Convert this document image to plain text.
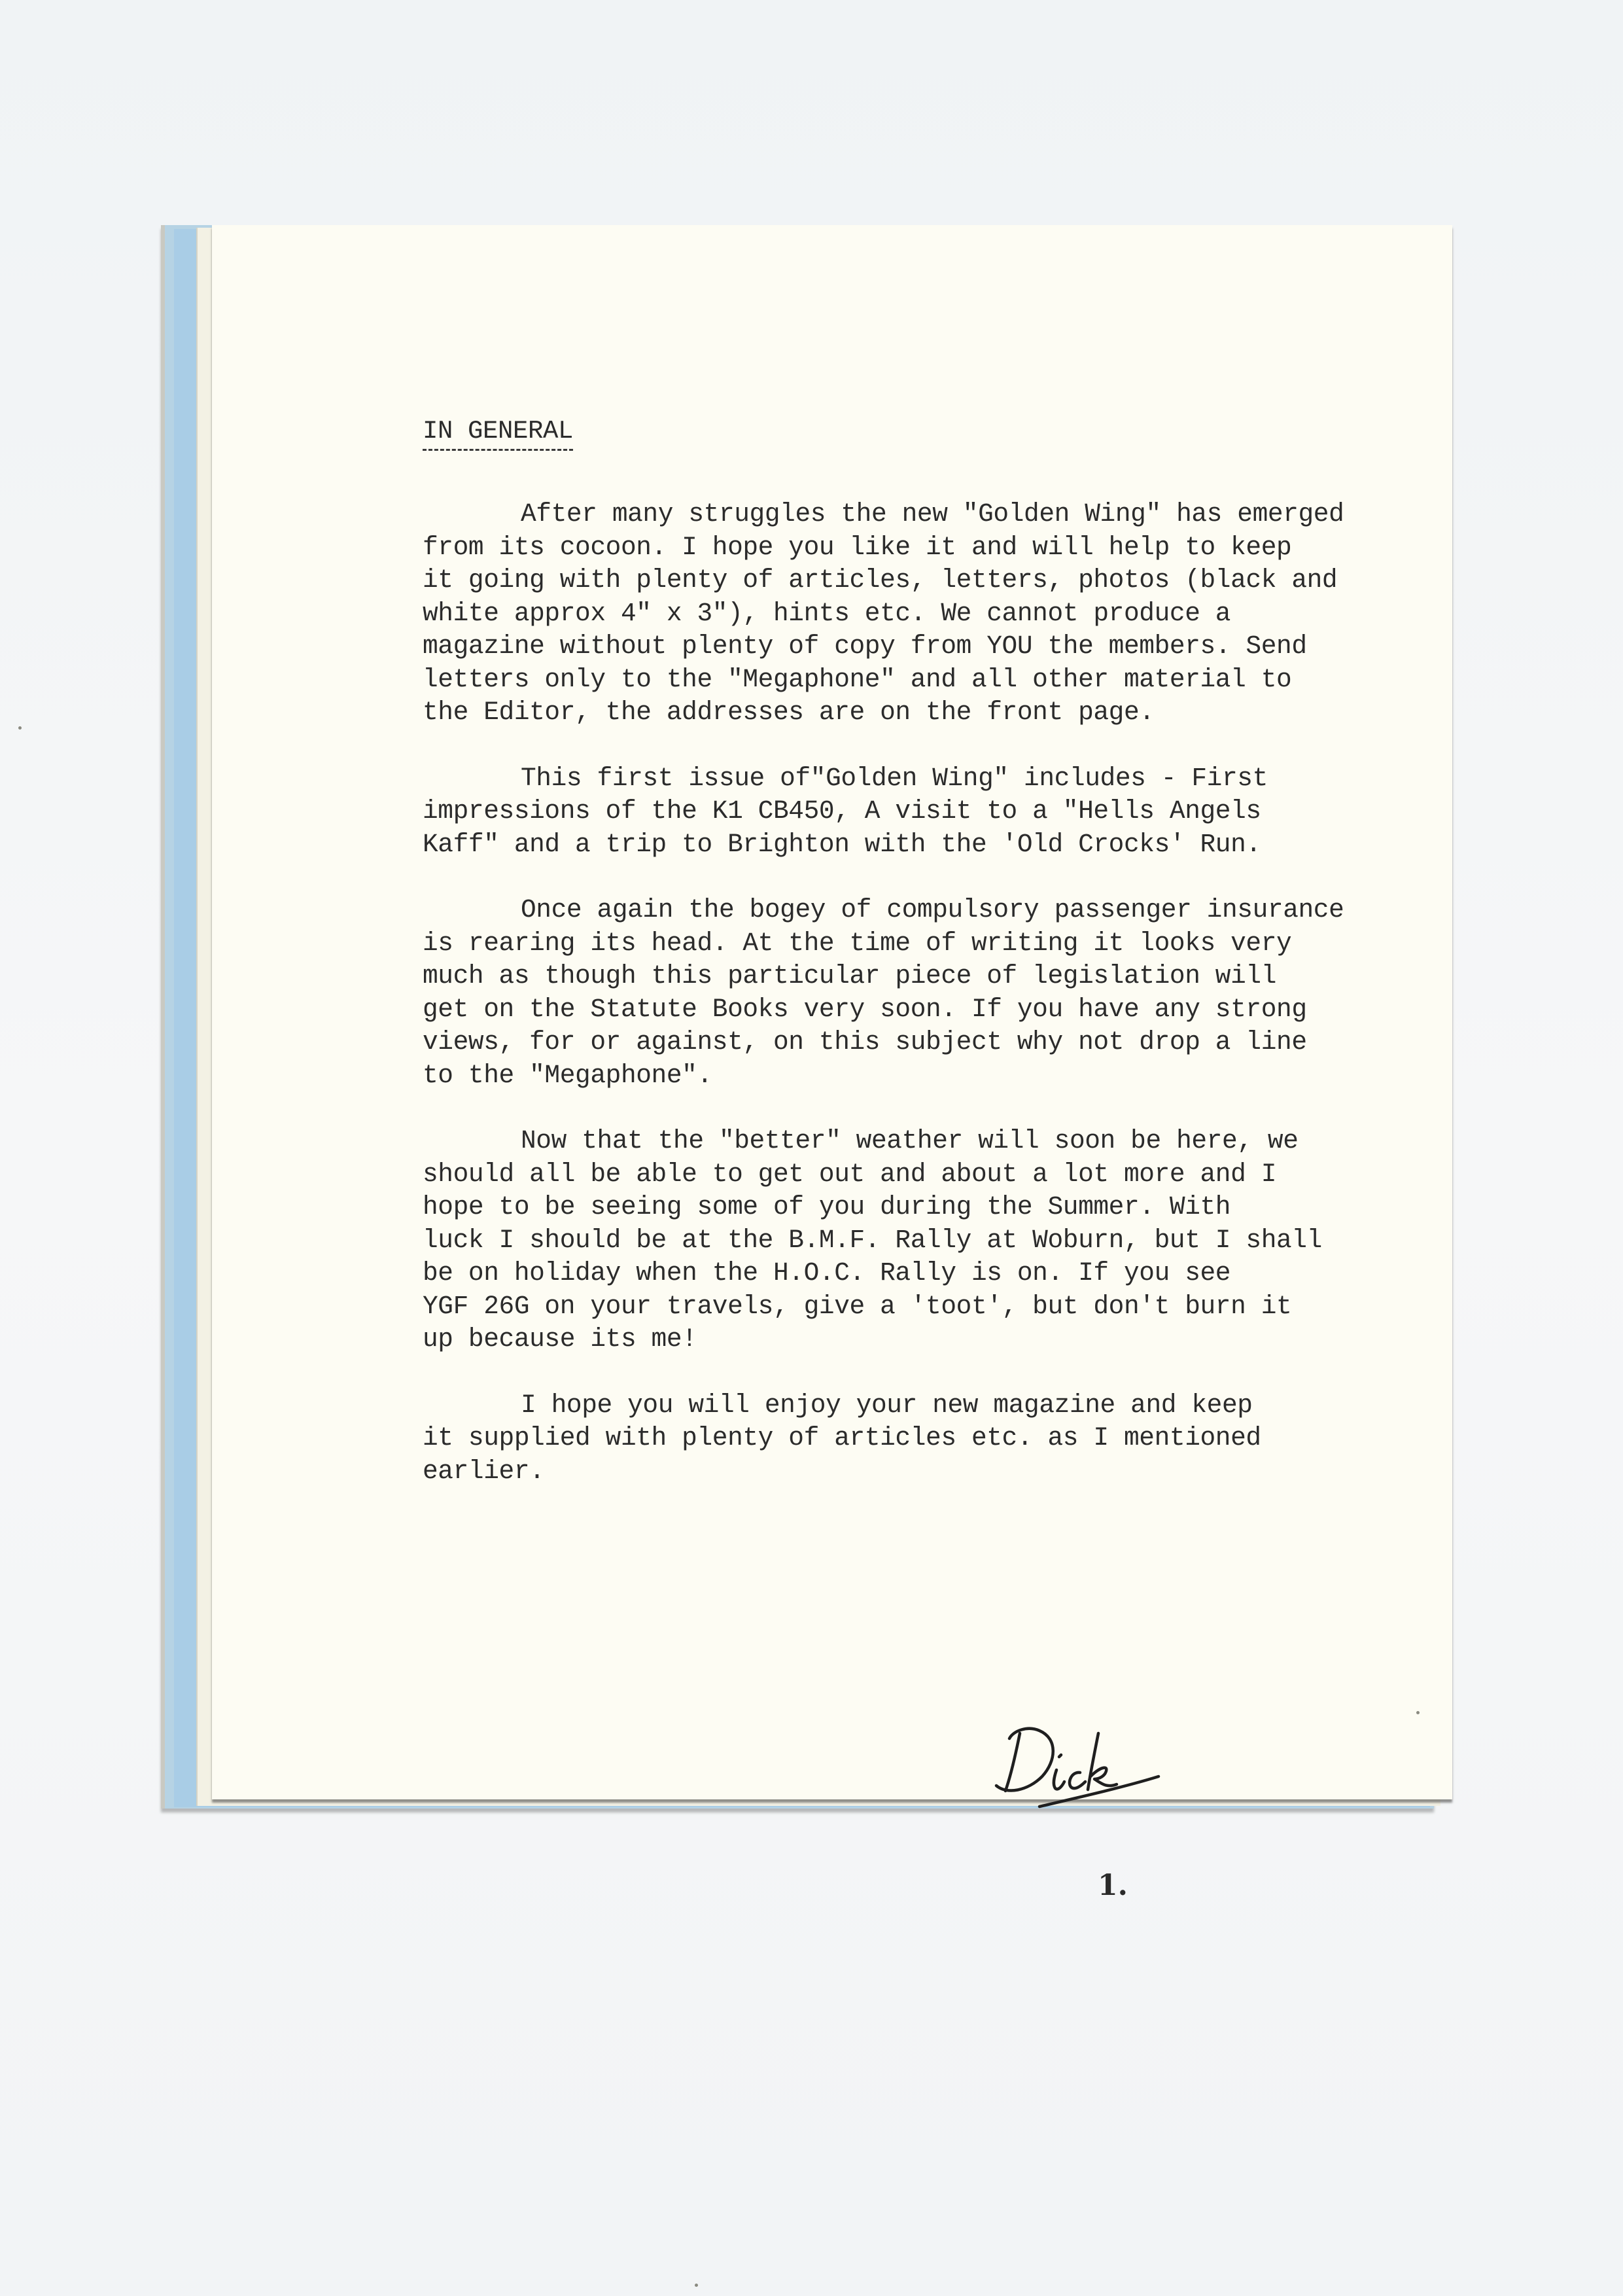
IN GENERAL

After many struggles the new "Golden Wing" has emerged
from its cocoon. I hope you like it and will help to keep
it going with plenty of articles, letters, photos (black and
white approx 4" x 3"), hints etc. We cannot produce a
magazine without plenty of copy from YOU the members. Send
letters only to the "Megaphone" and all other material to
the Editor, the addresses are on the front page.

This first issue of"Golden Wing" includes - First
impressions of the K1 CB450, A visit to a "Hells Angels
Kaff" and a trip to Brighton with the 'Old Crocks' Run.

Once again the bogey of compulsory passenger insurance
is rearing its head. At the time of writing it looks very
much as though this particular piece of legislation will
get on the Statute Books very soon. If you have any strong
views, for or against, on this subject why not drop a line
to the "Megaphone".

Now that the "better" weather will soon be here, we
should all be able to get out and about a lot more and I
hope to be seeing some of you during the Summer. With
luck I should be at the B.M.F. Rally at Woburn, but I shall
be on holiday when the H.O.C. Rally is on. If you see
YGF 26G on your travels, give a 'toot', but don't burn it
up because its me!

I hope you will enjoy your new magazine and keep
it supplied with plenty of articles etc. as I mentioned
earlier.

1.
